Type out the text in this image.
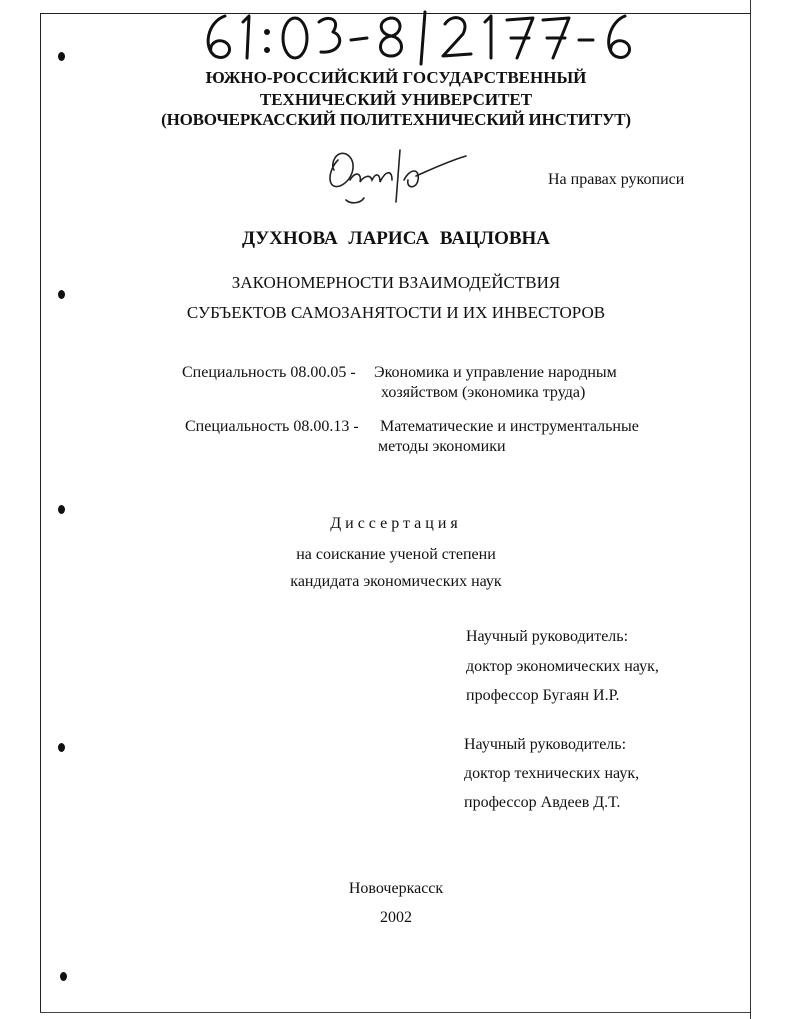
ЮЖНО-РОССИЙСКИЙ ГОСУДАРСТВЕННЫЙ
ТЕХНИЧЕСКИЙ УНИВЕРСИТЕТ
(НОВОЧЕРКАССКИЙ ПОЛИТЕХНИЧЕСКИЙ ИНСТИТУТ)
На правах рукописи
ДУХНОВА ЛАРИСА ВАЦЛОВНА
ЗАКОНОМЕРНОСТИ ВЗАИМОДЕЙСТВИЯ
СУБЪЕКТОВ САМОЗАНЯТОСТИ И ИХ ИНВЕСТОРОВ
Специальность 08.00.05 - Экономика и управление народным
хозяйством (экономика труда)
Специальность 08.00.13 - Математические и инструментальные
методы экономики
Диссертация
на соискание ученой степени
кандидата экономических наук
Научный руководитель:
доктор экономических наук,
профессор Бугаян И.Р.
Научный руководитель:
доктор технических наук,
профессор Авдеев Д.Т.
Новочеркасск
2002
